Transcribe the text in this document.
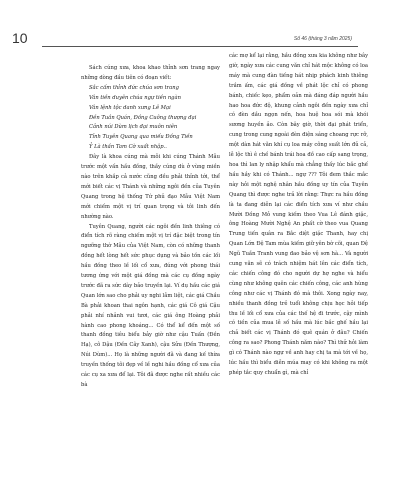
10	Số 46 (tháng 3 năm 2025)

Sách cúng xưa, khoa khao thỉnh sơn trang ngay những dòng đầu tiên có đoạn viết:

Sắc cấm thỉnh đức chúa sơn trang
Vân tiền duyên chúa ngự tiền ngàn
Vân lệnh tộc danh xưng Lê Mại
Đền Tuần Quán, Đồng Cuông thượng đại
Cảnh núi Dùm lịch đại muôn niên
Tỉnh Tuyên Quang qua miếu Đồng Tiền
Ỷ Là thần Tam Cờ xuất nhập..

Đây là khoa cúng mà mỗi khi cúng Thánh Mẫu trước một vấn hầu đồng, thầy cúng dù ở vùng miền nào trên khắp cả nước cũng đều phải thỉnh tới, thể mới biết các vị Thánh và những ngôi đền của Tuyên Quang trong hệ thống Tứ phủ đạo Mẫu Việt Nam mới chiếm một vị trí quan trọng và tôi linh đến nhường nào.

Tuyên Quang, người các ngôi đền linh thiêng có điển tích rõ ràng chiếm một vị trí đặc biệt trong tín ngưỡng thờ Mẫu của Việt Nam, còn có những thanh đồng hết lòng hết sức phục dụng và bảo tồn các lối hầu đồng theo lề lối cổ xưa, đúng với phong thái tương ứng với một giá đồng mà các cụ đồng ngày trước đã ra sức dày bảo truyền lại. Ví dụ hầu các giá Quan lớn sao cho phải uy nghi lẫm liệt, các giá Chầu Bà phải khoan thai ngôn hạnh, các giá Cô giá Cậu phải nhí nhảnh vui tươi, các giá ông Hoàng phải hành cao phong khoáng... Có thể kể đến một số thanh đồng tiêu biểu bảy giờ như cậu Tuấn (Đền Hạ), cô Dậu (Đền Cây Xanh), cậu Sửu (Đền Thượng, Núi Dùm)... Họ là những người đã và đang kế thừa truyền thống tôi đẹp về lề nghi hầu đồng cổ xưa của các cụ xa xưa để lại. Tôi đã được nghe rất nhiều các bà

các mợ kể lại rằng, hầu đồng xưa kia không như bây giờ, ngày xưa các cung văn chỉ hát mộc không có loa máy mà cung đàn tiếng hát nhịp phách kinh thiêng trầm ấm, các giá đồng về phát lộc chỉ có phong bánh, chiếc kẹo, phẩm oản mà đáng đáp người hầu hao hoa đức độ, khung cảnh ngôi đền ngày xưa chỉ có đèn dầu ngọn nến, hoa huệ hoa sói mà khói sương huyền ảo. Còn bây giờ, thời đại phát triển, cung trong cung ngoài đèn điện sáng choang rực rỡ, một dàn hát văn khí cụ loa máy công suất lớn đủ cả, lễ lộc thì ê chề bánh trái hoa đồ cao cấp sang trọng, hoa thì lan ly nhập khẩu mà chẳng thấy lúc bắc ghế hầu hầy khi có Thánh... ngự ??? Tôi đem thắc mắc này hỏi một nghệ nhân hầu đồng uy tín của Tuyên Quang thì được nghe trả lời rằng: Thực ra hầu đồng là ta đang diễn lại các điển tích xưa ví như chầu Mười Đồng Mỏ vung kiếm theo Vua Lê đánh giặc, ông Hoàng Mười Nghệ An phất cờ theo vua Quang Trung tiến quân ra Bắc diệt giặc Thanh, hay chị Quan Lớn Đệ Tam mùa kiếm giữ yên bờ cõi, quan Đệ Ngũ Tuần Tranh vung đao bảo vệ sơn hà... Và người cung văn sẽ có trách nhiệm hát lên các điển tích, các chiến công đó cho người dự hợ nghe và hiểu cùng như không quên các chiến công, các anh hùng công như các vị Thánh đó mà thôi. Xong ngày nay, nhiều thanh đồng trẻ tuổi không chịu học hỏi tiếp thu lề lối cổ xưa của các thế hệ đi trước, cậy mình có tiền của mua lễ số hầu mà lúc bắc ghế hầu lại chả biết các vị Thánh đó quê quán ở đâu? Chiến công ra sao? Phong Thánh năm nào? Thì thử hỏi làm gì có Thánh nào ngự về anh hay chị ta mà tới về họ, lúc hầu thì biểu diễn múa may có khi không ra một phép tắc quy chuẩn gì, mà chỉ
